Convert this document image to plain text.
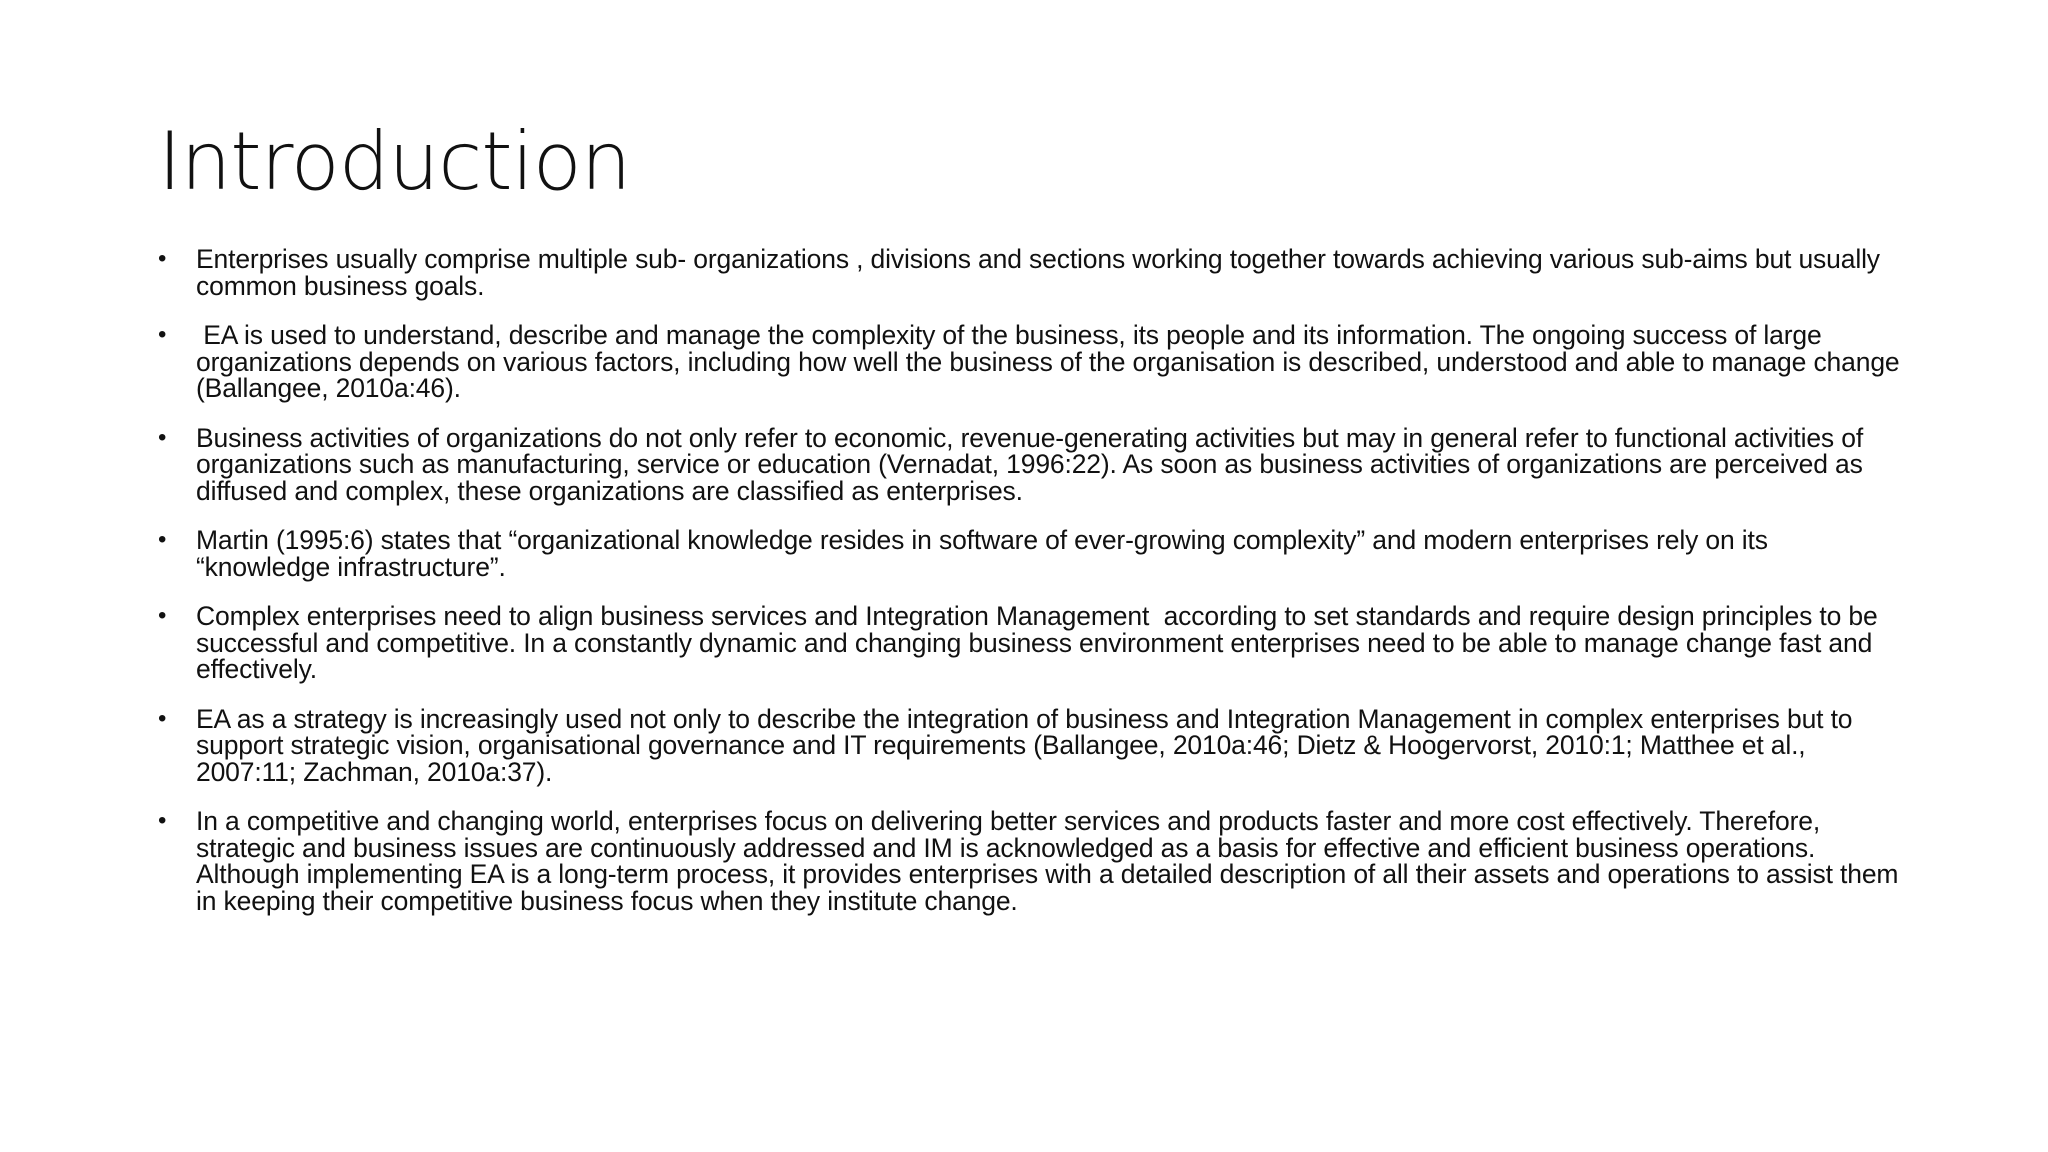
Introduction
• Enterprises usually comprise multiple sub- organizations , divisions and sections working together towards achieving various sub-aims but usually common business goals.
• EA is used to understand, describe and manage the complexity of the business, its people and its information. The ongoing success of large organizations depends on various factors, including how well the business of the organisation is described, understood and able to manage change (Ballangee, 2010a:46).
• Business activities of organizations do not only refer to economic, revenue-generating activities but may in general refer to functional activities of organizations such as manufacturing, service or education (Vernadat, 1996:22). As soon as business activities of organizations are perceived as diffused and complex, these organizations are classified as enterprises.
• Martin (1995:6) states that “organizational knowledge resides in software of ever-growing complexity” and modern enterprises rely on its “knowledge infrastructure”.
• Complex enterprises need to align business services and Integration Management  according to set standards and require design principles to be successful and competitive. In a constantly dynamic and changing business environment enterprises need to be able to manage change fast and effectively.
• EA as a strategy is increasingly used not only to describe the integration of business and Integration Management in complex enterprises but to support strategic vision, organisational governance and IT requirements (Ballangee, 2010a:46; Dietz & Hoogervorst, 2010:1; Matthee et al., 2007:11; Zachman, 2010a:37).
• In a competitive and changing world, enterprises focus on delivering better services and products faster and more cost effectively. Therefore, strategic and business issues are continuously addressed and IM is acknowledged as a basis for effective and efficient business operations. Although implementing EA is a long-term process, it provides enterprises with a detailed description of all their assets and operations to assist them in keeping their competitive business focus when they institute change.
